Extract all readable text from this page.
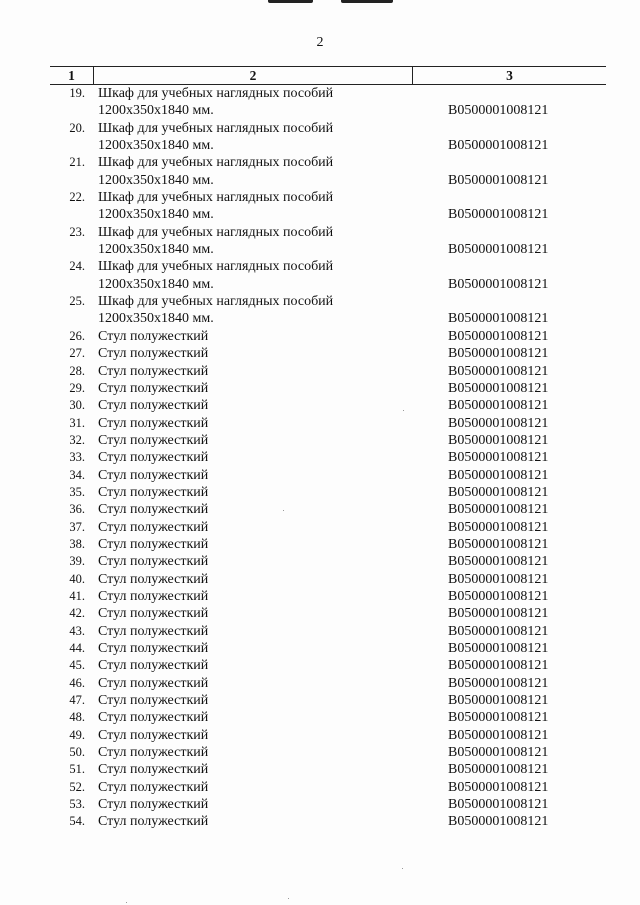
2
1	2	3
19. Шкаф для учебных наглядных пособий
1200х350х1840 мм.	В0500001008121
20. Шкаф для учебных наглядных пособий
1200х350х1840 мм.	В0500001008121
21. Шкаф для учебных наглядных пособий
1200х350х1840 мм.	В0500001008121
22. Шкаф для учебных наглядных пособий
1200х350х1840 мм.	В0500001008121
23. Шкаф для учебных наглядных пособий
1200х350х1840 мм.	В0500001008121
24. Шкаф для учебных наглядных пособий
1200х350х1840 мм.	В0500001008121
25. Шкаф для учебных наглядных пособий
1200х350х1840 мм.	В0500001008121
26. Стул полужесткий	В0500001008121
27. Стул полужесткий	В0500001008121
28. Стул полужесткий	В0500001008121
29. Стул полужесткий	В0500001008121
30. Стул полужесткий	В0500001008121
31. Стул полужесткий	В0500001008121
32. Стул полужесткий	В0500001008121
33. Стул полужесткий	В0500001008121
34. Стул полужесткий	В0500001008121
35. Стул полужесткий	В0500001008121
36. Стул полужесткий	В0500001008121
37. Стул полужесткий	В0500001008121
38. Стул полужесткий	В0500001008121
39. Стул полужесткий	В0500001008121
40. Стул полужесткий	В0500001008121
41. Стул полужесткий	В0500001008121
42. Стул полужесткий	В0500001008121
43. Стул полужесткий	В0500001008121
44. Стул полужесткий	В0500001008121
45. Стул полужесткий	В0500001008121
46. Стул полужесткий	В0500001008121
47. Стул полужесткий	В0500001008121
48. Стул полужесткий	В0500001008121
49. Стул полужесткий	В0500001008121
50. Стул полужесткий	В0500001008121
51. Стул полужесткий	В0500001008121
52. Стул полужесткий	В0500001008121
53. Стул полужесткий	В0500001008121
54. Стул полужесткий	В0500001008121
